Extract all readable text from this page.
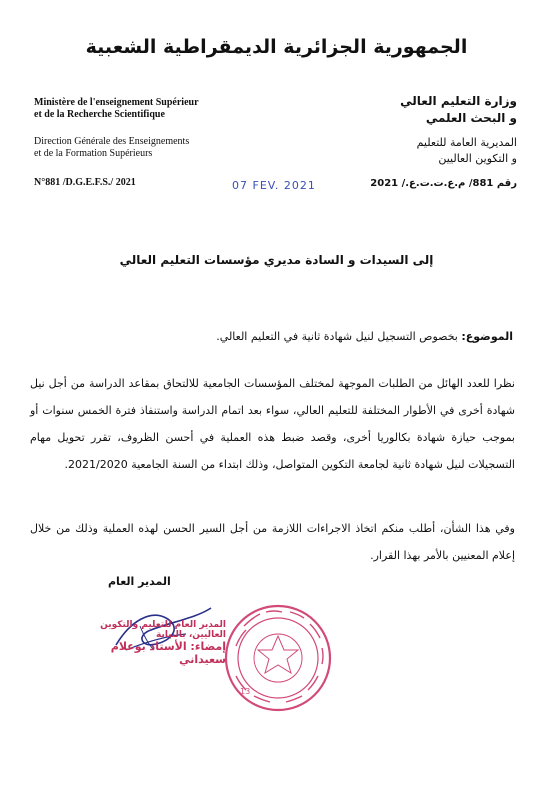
الجمهورية الجزائرية الديمقراطية الشعبية
Ministère de l'enseignement Supérieur
et de la Recherche Scientifique
Direction Générale des Enseignements
et de la Formation Supérieurs
N°881 /D.G.E.F.S./ 2021	07 FEV. 2021
وزارة التعليم العالي
و البحث العلمي
المديرية العامة للتعليم
و التكوين العاليين
رقم 881/ م.ع.ت.ت.ع./ 2021
إلى السيدات و السادة مديري مؤسسات التعليم العالي
الموضوع: بخصوص التسجيل لنيل شهادة ثانية في التعليم العالي.
نظرا للعدد الهائل من الطلبات الموجهة لمختلف المؤسسات الجامعية للالتحاق بمقاعد الدراسة من أجل نيل شهادة أخرى في الأطوار المختلفة للتعليم العالي، سواء بعد اتمام الدراسة واستنفاذ فترة الخمس سنوات أو بموجب حيازة شهادة بكالوريا أخرى، وقصد ضبط هذه العملية في أحسن الظروف، تقرر تحويل مهام التسجيلات لنيل شهادة ثانية لجامعة التكوين المتواصل، وذلك ابتداء من السنة الجامعية 2021/2020.
وفي هذا الشأن، أطلب منكم اتخاذ الاجراءات اللازمة من أجل السير الحسن لهذه العملية وذلك من خلال إعلام المعنيين بالأمر بهذا القرار.
المدير العام
المدير العام للتعليم والتكوين العاليين، بالنيابة
إمضاء: الأستاذ بوعلام سعيداني
13
